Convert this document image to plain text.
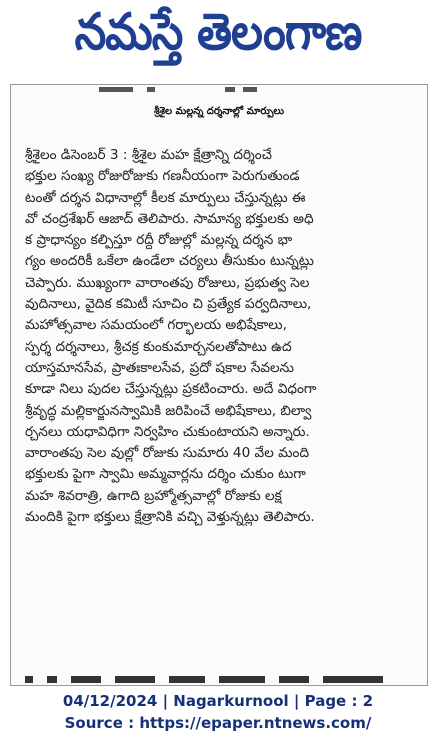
నమస్తే తెలంగాణ
శ్రీశైల మల్లన్న దర్శనాల్లో మార్పులు
శ్రీశైలం డిసెంబర్ 3 : శ్రీశైల మహ క్షేత్రాన్ని దర్శించే
భక్తుల సంఖ్య రోజురోజుకు గణనీయంగా పెరుగుతుండ
టంతో దర్శన విధానాల్లో కీలక మార్పులు చేస్తున్నట్లు ఈ
వో చంద్రశేఖర్ ఆజాద్ తెలిపారు. సామాన్య భక్తులకు అధి
క ప్రాధాన్యం కల్పిస్తూ రద్దీ రోజుల్లో మల్లన్న దర్శన భా
గ్యం అందరికీ ఒకేలా ఉండేలా చర్యలు తీసుకుం టున్నట్లు
చెప్పారు. ముఖ్యంగా వారాంతపు రోజులు, ప్రభుత్వ సెల
వుదినాలు, వైదిక కమిటీ సూచిం చి ప్రత్యేక పర్వదినాలు,
మహోత్సవాల సమయంలో గర్భాలయ అభిషేకాలు,
స్పర్శ దర్శనాలు, శ్రీచక్ర కుంకుమార్చనలతోపాటు ఉద
యాస్తమానసేవ, ప్రాతఃకాలసేవ, ప్రదో షకాల సేవలను
కూడా నిలు పుదల చేస్తున్నట్లు ప్రకటించారు. అదే విధంగా
శ్రీవృద్ధ మల్లికార్జునస్వామికి జరిపించే అభిషేకాలు, బిల్వా
ర్చనలు యధావిధిగా నిర్వహిం చుకుంటాయని అన్నారు.
వారాంతపు సెల వుల్లో రోజుకు సుమారు 40 వేల మంది
భక్తులకు పైగా స్వామి అమ్మవార్లను దర్శిం చుకుం టుగా
మహ శివరాత్రి, ఉగాది బ్రహ్మోత్సవాల్లో రోజుకు లక్ష
మందికి పైగా భక్తులు క్షేత్రానికి వచ్చి వెళ్తున్నట్లు తెలిపారు.
04/12/2024 | Nagarkurnool | Page : 2
Source : https://epaper.ntnews.com/
